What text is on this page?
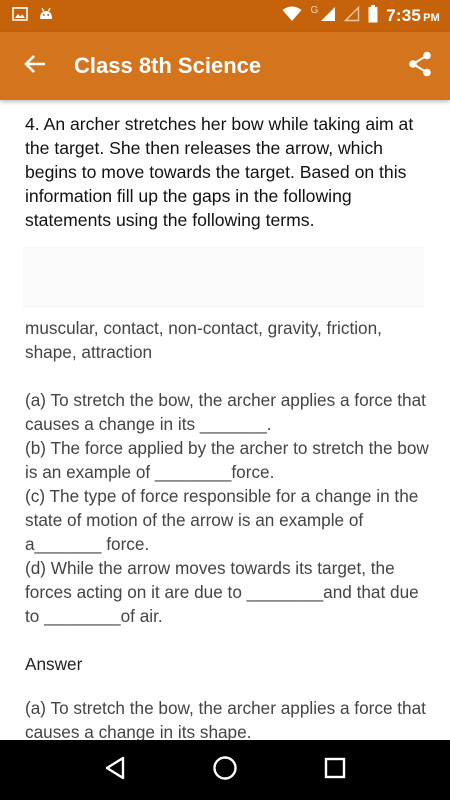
G	7:35 PM
Class 8th Science

4. An archer stretches her bow while taking aim at the target. She then releases the arrow, which begins to move towards the target. Based on this information fill up the gaps in the following statements using the following terms.

muscular, contact, non-contact, gravity, friction, shape, attraction

(a) To stretch the bow, the archer applies a force that causes a change in its _______.

(b) The force applied by the archer to stretch the bow is an example of ________force.

(c) The type of force responsible for a change in the state of motion of the arrow is an example of a_______ force.

(d) While the arrow moves towards its target, the forces acting on it are due to ________and that due to ________of air.

Answer

(a) To stretch the bow, the archer applies a force that causes a change in its shape.
